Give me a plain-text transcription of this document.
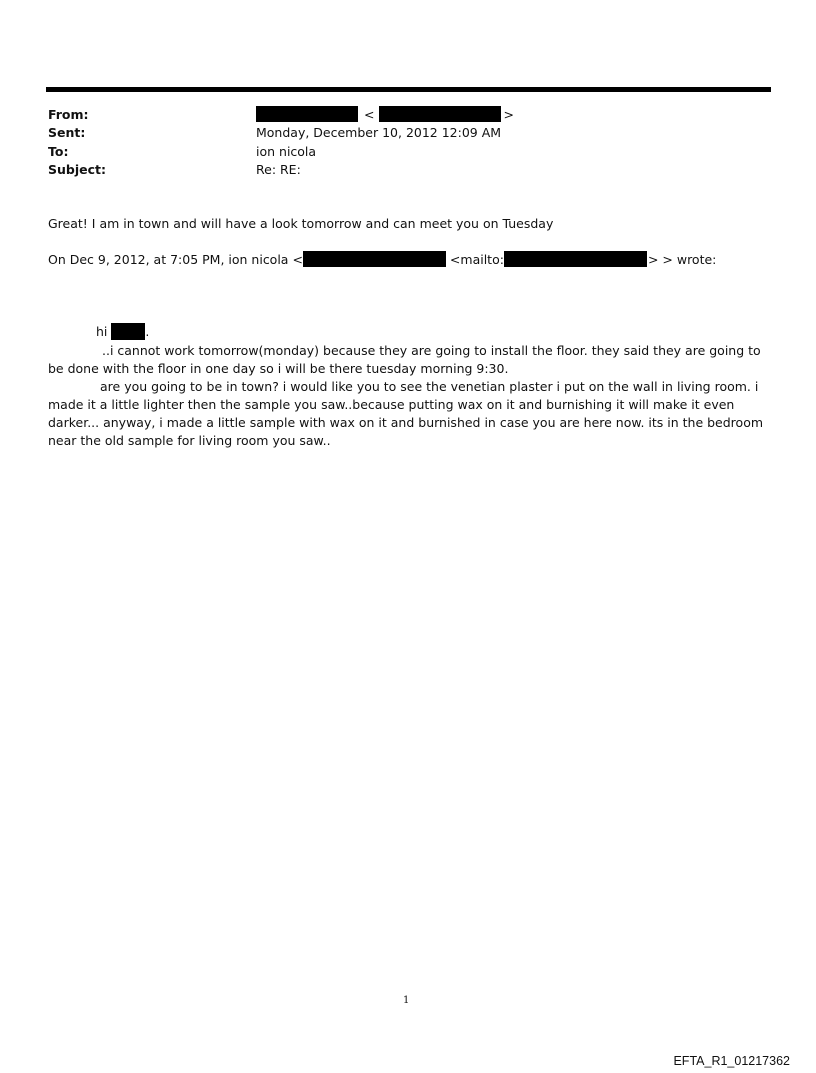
From:	<	>
Sent:	Monday, December 10, 2012 12:09 AM
To:	ion nicola
Subject:	Re: RE:
Great! I am in town and will have a look tomorrow and can meet you on Tuesday
On Dec 9, 2012, at 7:05 PM, ion nicola <	<mailto:	> > wrote:
hi	.

..i cannot work tomorrow(monday) because they are going to install the floor. they said they are going to be done with the floor in one day so i will be there tuesday morning 9:30.

are you going to be in town? i would like you to see the venetian plaster i put on the wall in living room. i made it a little lighter then the sample you saw..because putting wax on it and burnishing it will make it even darker... anyway, i made a little sample with wax on it and burnished in case you are here now. its in the bedroom near the old sample for living room you saw..

1
EFTA_R1_01217362
